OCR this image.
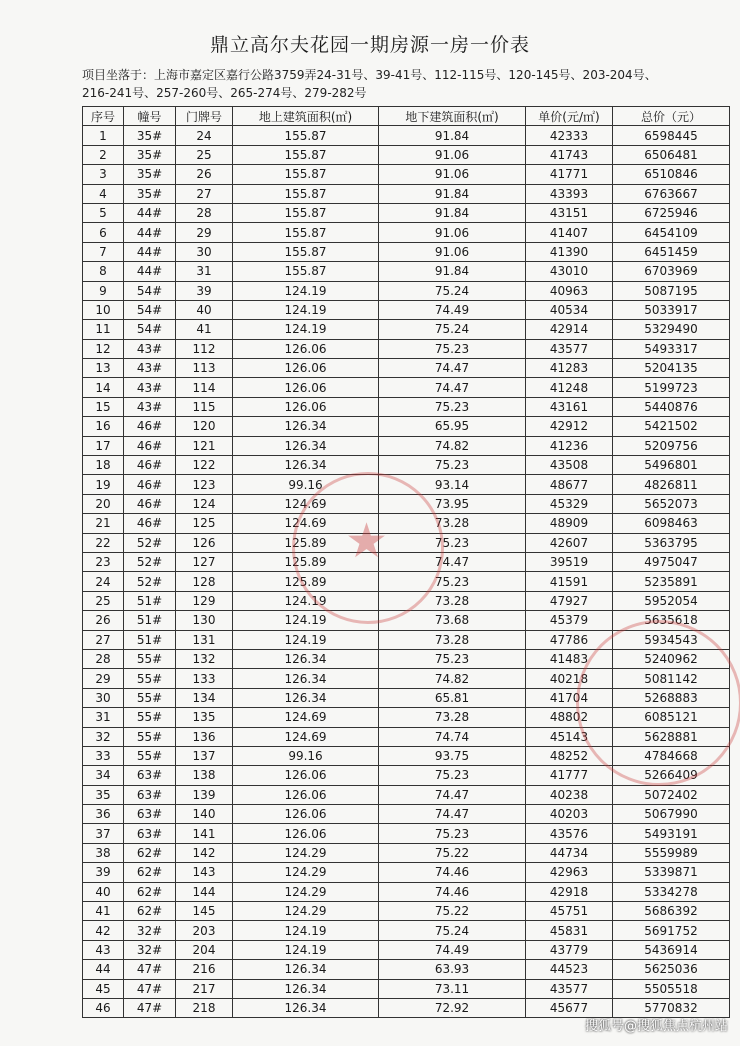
鼎立高尔夫花园一期房源一房一价表
项目坐落于：上海市嘉定区嘉行公路3759弄24-31号、39-41号、112-115号、120-145号、203-204号、216-241号、257-260号、265-274号、279-282号
序号	幢号	门牌号	地上建筑面积(㎡)	地下建筑面积(㎡)	单价(元/㎡)	总价（元）
1	35#	24	155.87	91.84	42333	6598445
2	35#	25	155.87	91.06	41743	6506481
3	35#	26	155.87	91.06	41771	6510846
4	35#	27	155.87	91.84	43393	6763667
5	44#	28	155.87	91.84	43151	6725946
6	44#	29	155.87	91.06	41407	6454109
7	44#	30	155.87	91.06	41390	6451459
8	44#	31	155.87	91.84	43010	6703969
9	54#	39	124.19	75.24	40963	5087195
10	54#	40	124.19	74.49	40534	5033917
11	54#	41	124.19	75.24	42914	5329490
12	43#	112	126.06	75.23	43577	5493317
13	43#	113	126.06	74.47	41283	5204135
14	43#	114	126.06	74.47	41248	5199723
15	43#	115	126.06	75.23	43161	5440876
16	46#	120	126.34	65.95	42912	5421502
17	46#	121	126.34	74.82	41236	5209756
18	46#	122	126.34	75.23	43508	5496801
19	46#	123	99.16	93.14	48677	4826811
20	46#	124	124.69	73.95	45329	5652073
21	46#	125	124.69	73.28	48909	6098463
22	52#	126	125.89	75.23	42607	5363795
23	52#	127	125.89	74.47	39519	4975047
24	52#	128	125.89	75.23	41591	5235891
25	51#	129	124.19	73.28	47927	5952054
26	51#	130	124.19	73.68	45379	5635618
27	51#	131	124.19	73.28	47786	5934543
28	55#	132	126.34	75.23	41483	5240962
29	55#	133	126.34	74.82	40218	5081142
30	55#	134	126.34	65.81	41704	5268883
31	55#	135	124.69	73.28	48802	6085121
32	55#	136	124.69	74.74	45143	5628881
33	55#	137	99.16	93.75	48252	4784668
34	63#	138	126.06	75.23	41777	5266409
35	63#	139	126.06	74.47	40238	5072402
36	63#	140	126.06	74.47	40203	5067990
37	63#	141	126.06	75.23	43576	5493191
38	62#	142	124.29	75.22	44734	5559989
39	62#	143	124.29	74.46	42963	5339871
40	62#	144	124.29	74.46	42918	5334278
41	62#	145	124.29	75.22	45751	5686392
42	32#	203	124.19	75.24	45831	5691752
43	32#	204	124.19	74.49	43779	5436914
44	47#	216	126.34	63.93	44523	5625036
45	47#	217	126.34	73.11	43577	5505518
46	47#	218	126.34	72.92	45677	5770832
★
搜狐号@搜狐焦点杭州站
